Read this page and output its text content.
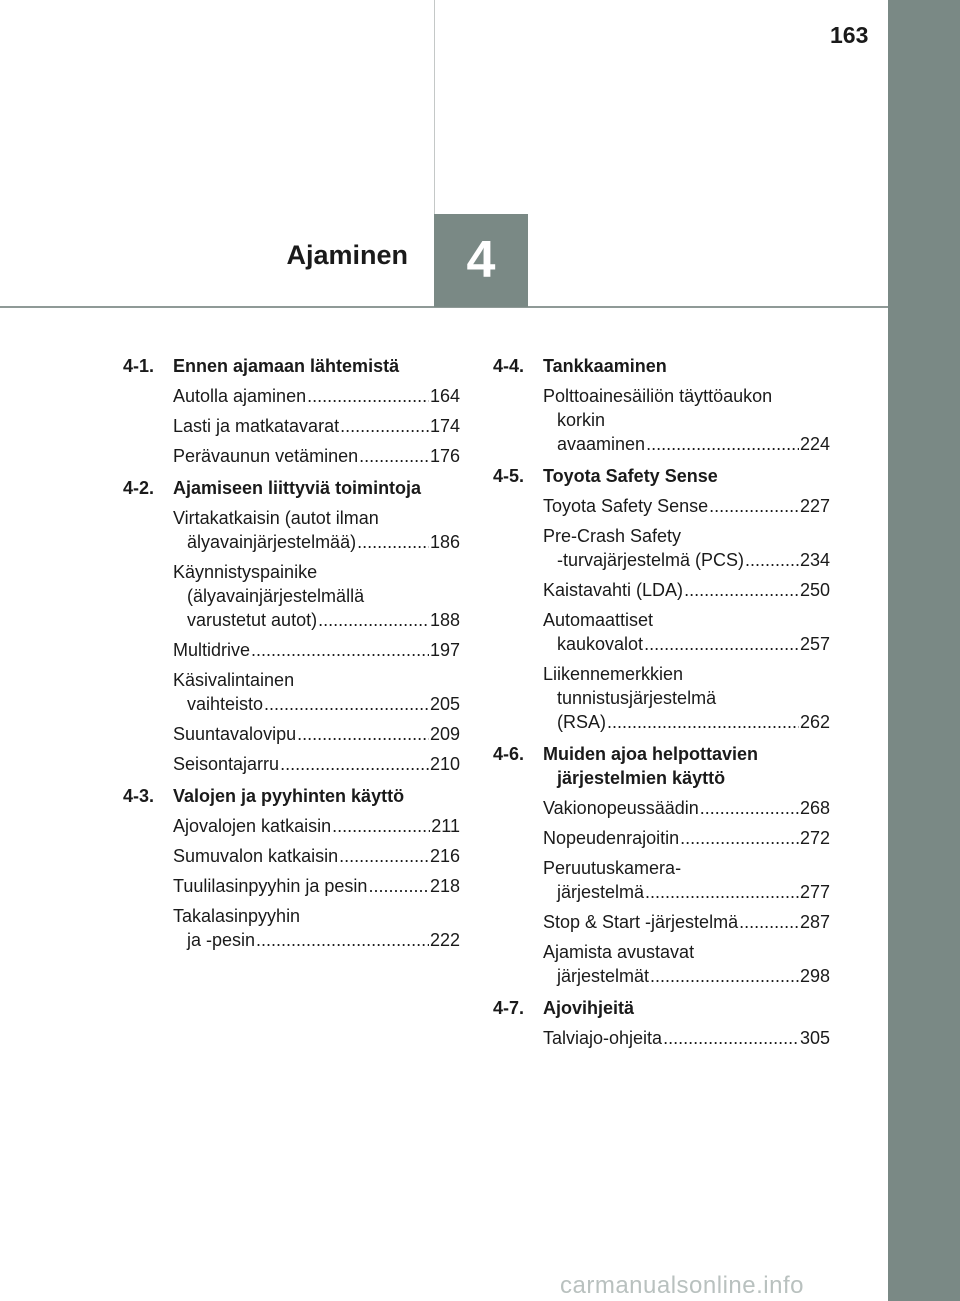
163
Ajaminen	4
4-1. Ennen ajamaan lähtemistä
Autolla ajaminen .....	164
Lasti ja matkatavarat .....	174
Perävaunun vetäminen .....	176
4-2. Ajamiseen liittyviä toimintoja
Virtakatkaisin (autot ilman
älyavainjärjestelmää) .....	186
Käynnistyspainike (älyavainjärjestelmällä
varustetut autot) .....	188
Multidrive .....	197
Käsivalintainen
vaihteisto .....	205
Suuntavalovipu .....	209
Seisontajarru .....	210
4-3. Valojen ja pyyhinten käyttö
Ajovalojen katkaisin .....	211
Sumuvalon katkaisin .....	216
Tuulilasinpyyhin ja pesin .....	218
Takalasinpyyhin
ja -pesin .....	222
4-4. Tankkaaminen
Polttoainesäiliön täyttöaukon korkin
avaaminen .....	224
4-5. Toyota Safety Sense
Toyota Safety Sense .....	227
Pre-Crash Safety
-turvajärjestelmä (PCS) .....	234
Kaistavahti (LDA) .....	250
Automaattiset
kaukovalot .....	257
Liikennemerkkien tunnistusjärjestelmä
(RSA) .....	262
4-6. Muiden ajoa helpottavien järjestelmien käyttö
Vakionopeussäädin .....	268
Nopeudenrajoitin .....	272
Peruutuskamera-
järjestelmä .....	277
Stop & Start -järjestelmä .....	287
Ajamista avustavat
järjestelmät .....	298
4-7. Ajovihjeitä
Talviajo-ohjeita .....	305
carmanualsonline.info
